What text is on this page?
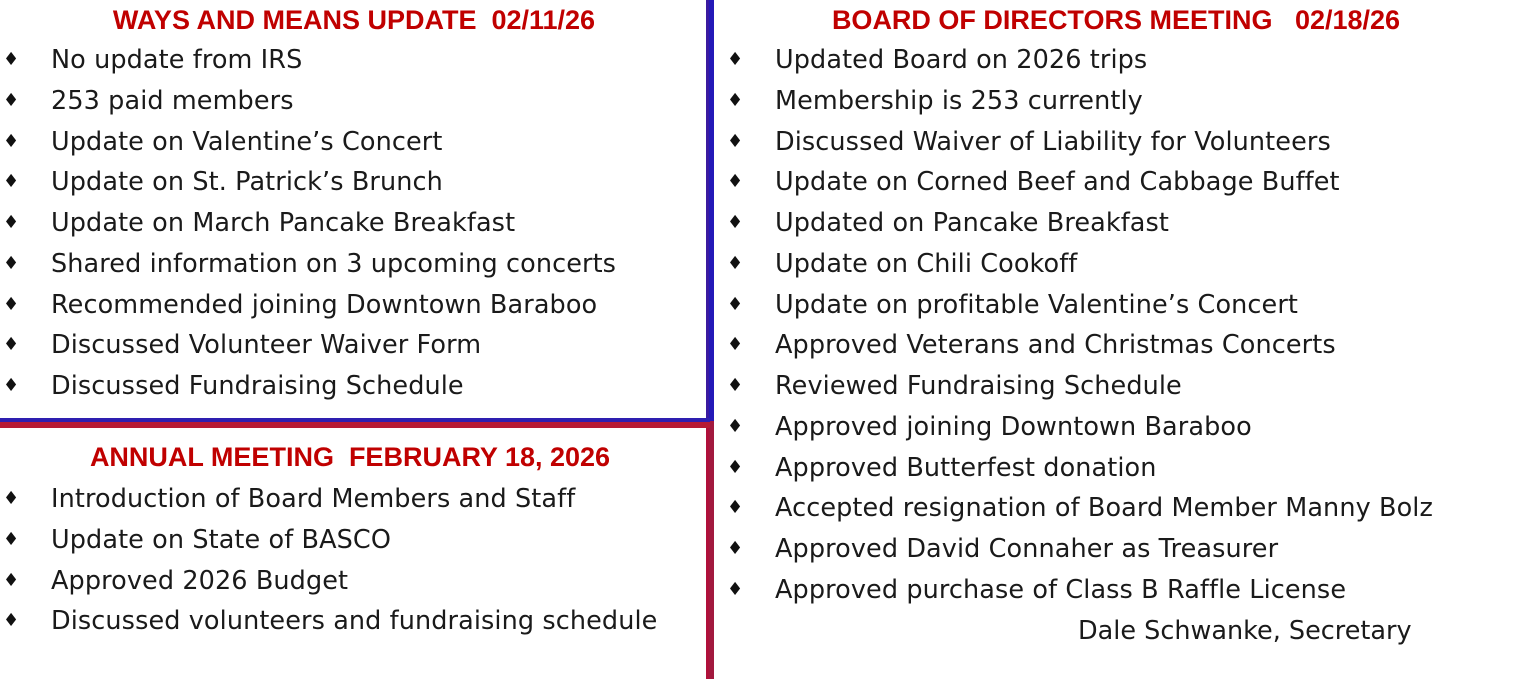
WAYS AND MEANS UPDATE  02/11/26
♦ No update from IRS
♦ 253 paid members
♦ Update on Valentine’s Concert
♦ Update on St. Patrick’s Brunch
♦ Update on March Pancake Breakfast
♦ Shared information on 3 upcoming concerts
♦ Recommended joining Downtown Baraboo
♦ Discussed Volunteer Waiver Form
♦ Discussed Fundraising Schedule
ANNUAL MEETING  FEBRUARY 18, 2026
♦ Introduction of Board Members and Staff
♦ Update on State of BASCO
♦ Approved 2026 Budget
♦ Discussed volunteers and fundraising schedule
BOARD OF DIRECTORS MEETING   02/18/26
♦ Updated Board on 2026 trips
♦ Membership is 253 currently
♦ Discussed Waiver of Liability for Volunteers
♦ Update on Corned Beef and Cabbage Buffet
♦ Updated on Pancake Breakfast
♦ Update on Chili Cookoff
♦ Update on profitable Valentine’s Concert
♦ Approved Veterans and Christmas Concerts
♦ Reviewed Fundraising Schedule
♦ Approved joining Downtown Baraboo
♦ Approved Butterfest donation
♦ Accepted resignation of Board Member Manny Bolz
♦ Approved David Connaher as Treasurer
♦ Approved purchase of Class B Raffle License
Dale Schwanke, Secretary
